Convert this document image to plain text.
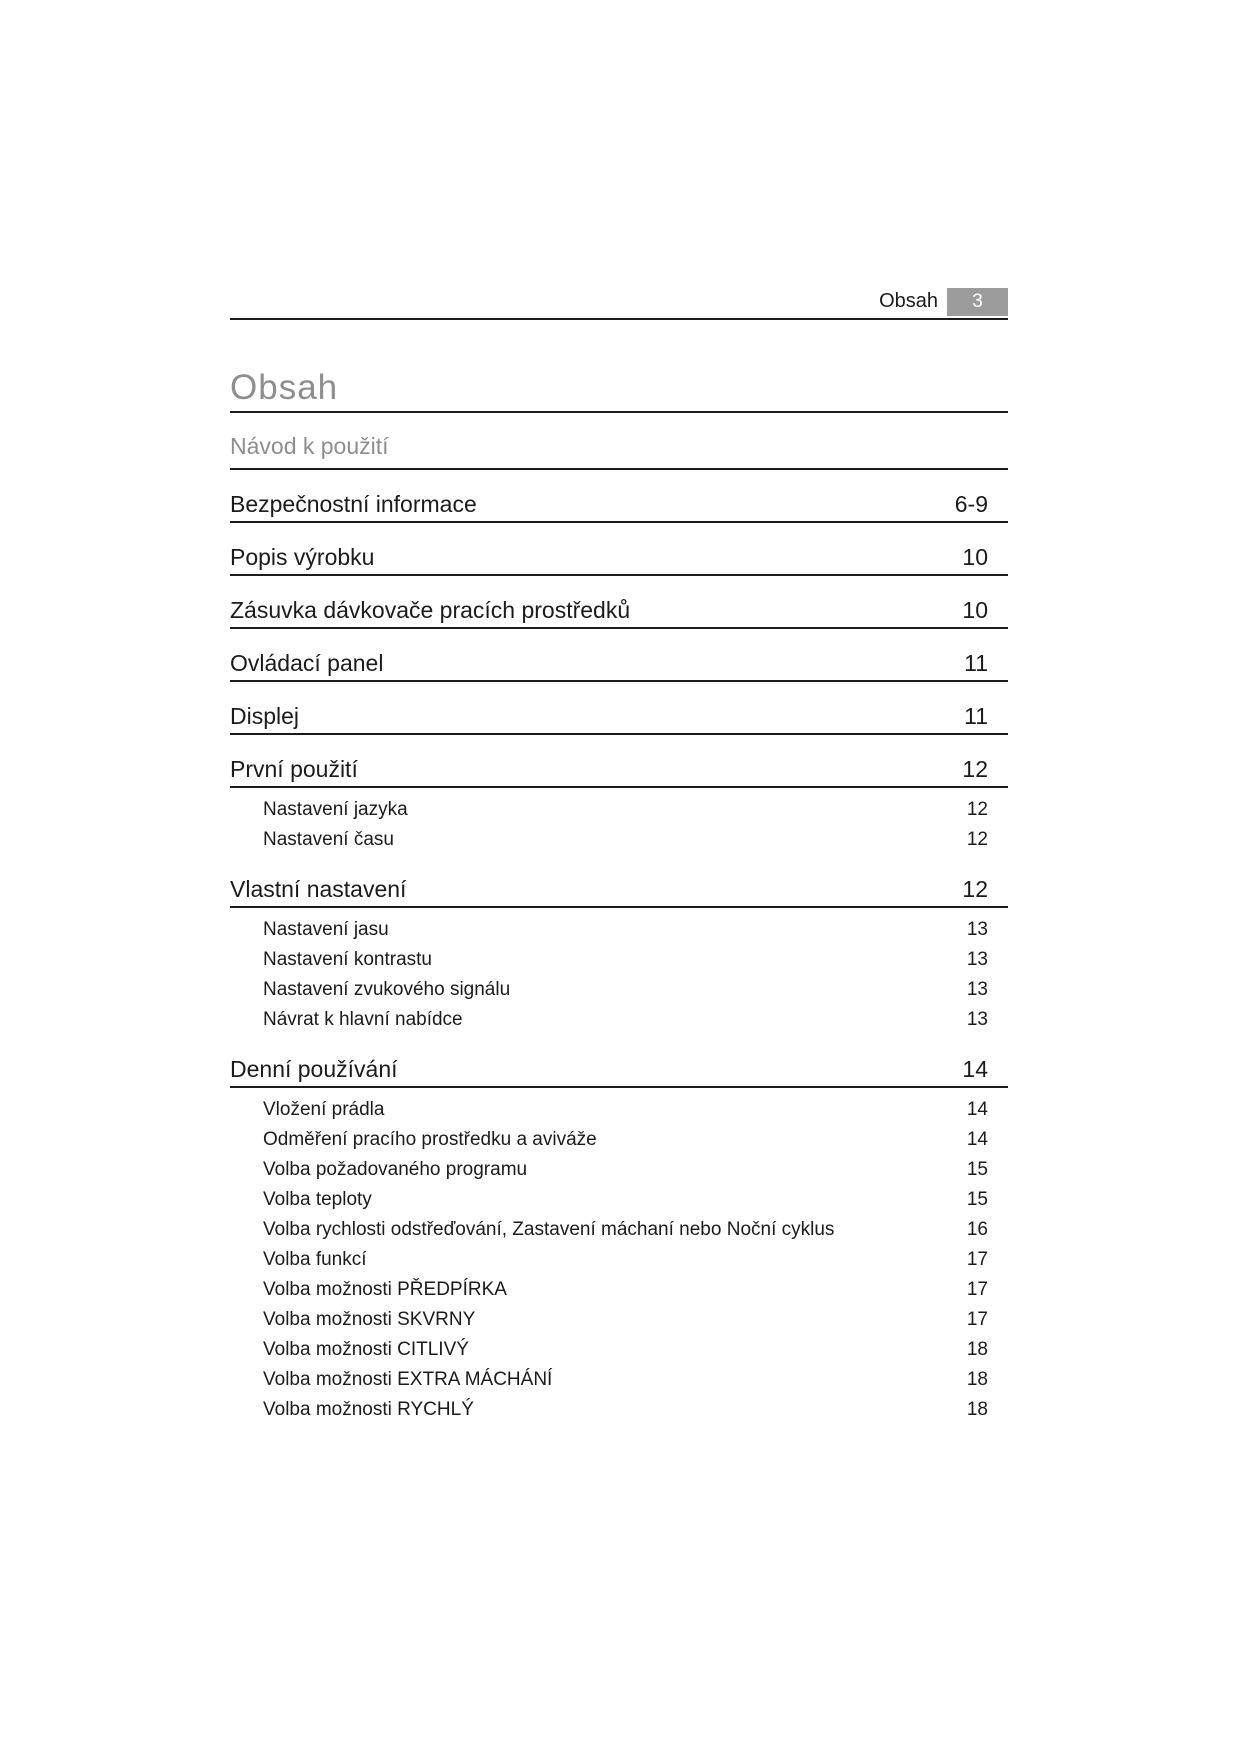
Obsah	3
Obsah
Návod k použití
Bezpečnostní informace	6-9
Popis výrobku	10
Zásuvka dávkovače pracích prostředků	10
Ovládací panel	11
Displej	11
První použití	12
Nastavení jazyka	12
Nastavení času	12
Vlastní nastavení	12
Nastavení jasu	13
Nastavení kontrastu	13
Nastavení zvukového signálu	13
Návrat k hlavní nabídce	13
Denní používání	14
Vložení prádla	14
Odměření pracího prostředku a aviváže	14
Volba požadovaného programu	15
Volba teploty	15
Volba rychlosti odstřeďování, Zastavení máchaní nebo Noční cyklus	16
Volba funkcí	17
Volba možnosti PŘEDPÍRKA	17
Volba možnosti SKVRNY	17
Volba možnosti CITLIVÝ	18
Volba možnosti EXTRA MÁCHÁNÍ	18
Volba možnosti RYCHLÝ	18
